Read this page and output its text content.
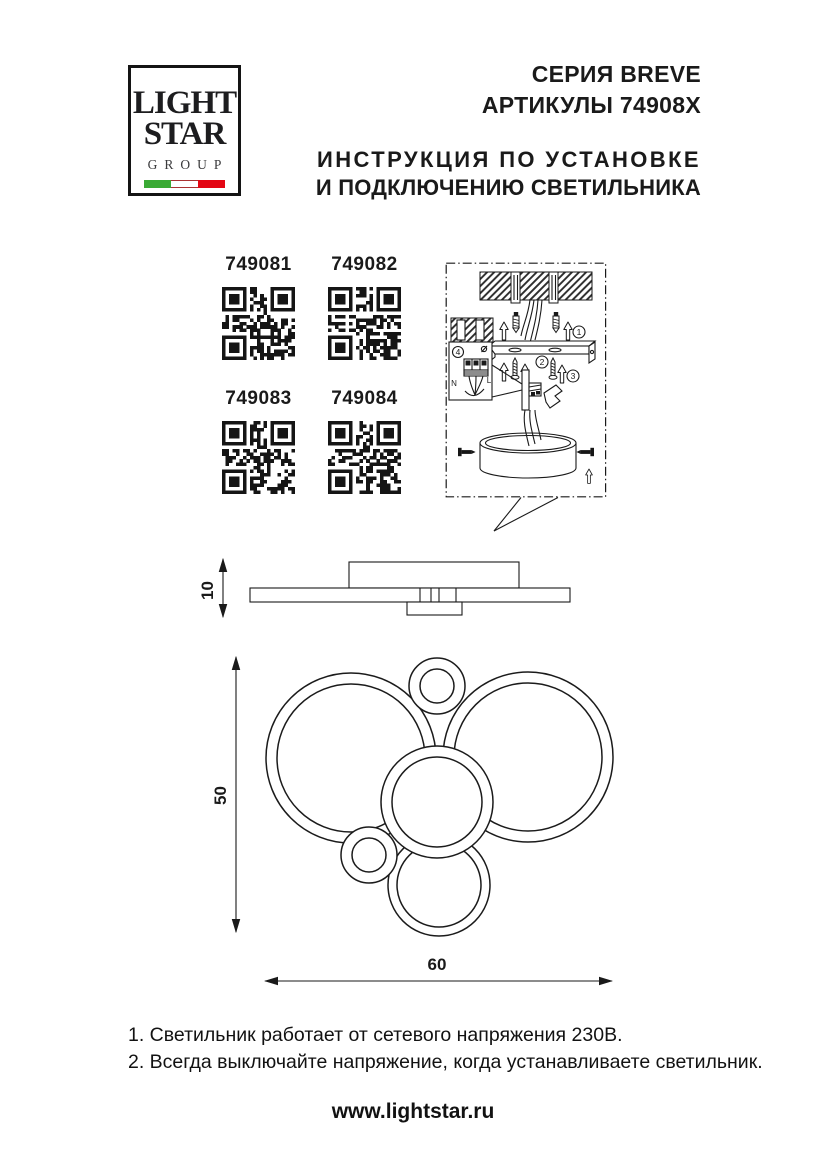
LIGHT
STAR
GROUP
СЕРИЯ BREVE
АРТИКУЛЫ 74908X
ИНСТРУКЦИЯ ПО УСТАНОВКЕ
И ПОДКЛЮЧЕНИЮ СВЕТИЛЬНИКА
749081 749082
749083 749084
1
2
3
4
N	L
10
50
60
1. Светильник работает от сетевого напряжения 230В.
2. Всегда выключайте напряжение, когда устанавливаете светильник.
www.lightstar.ru
